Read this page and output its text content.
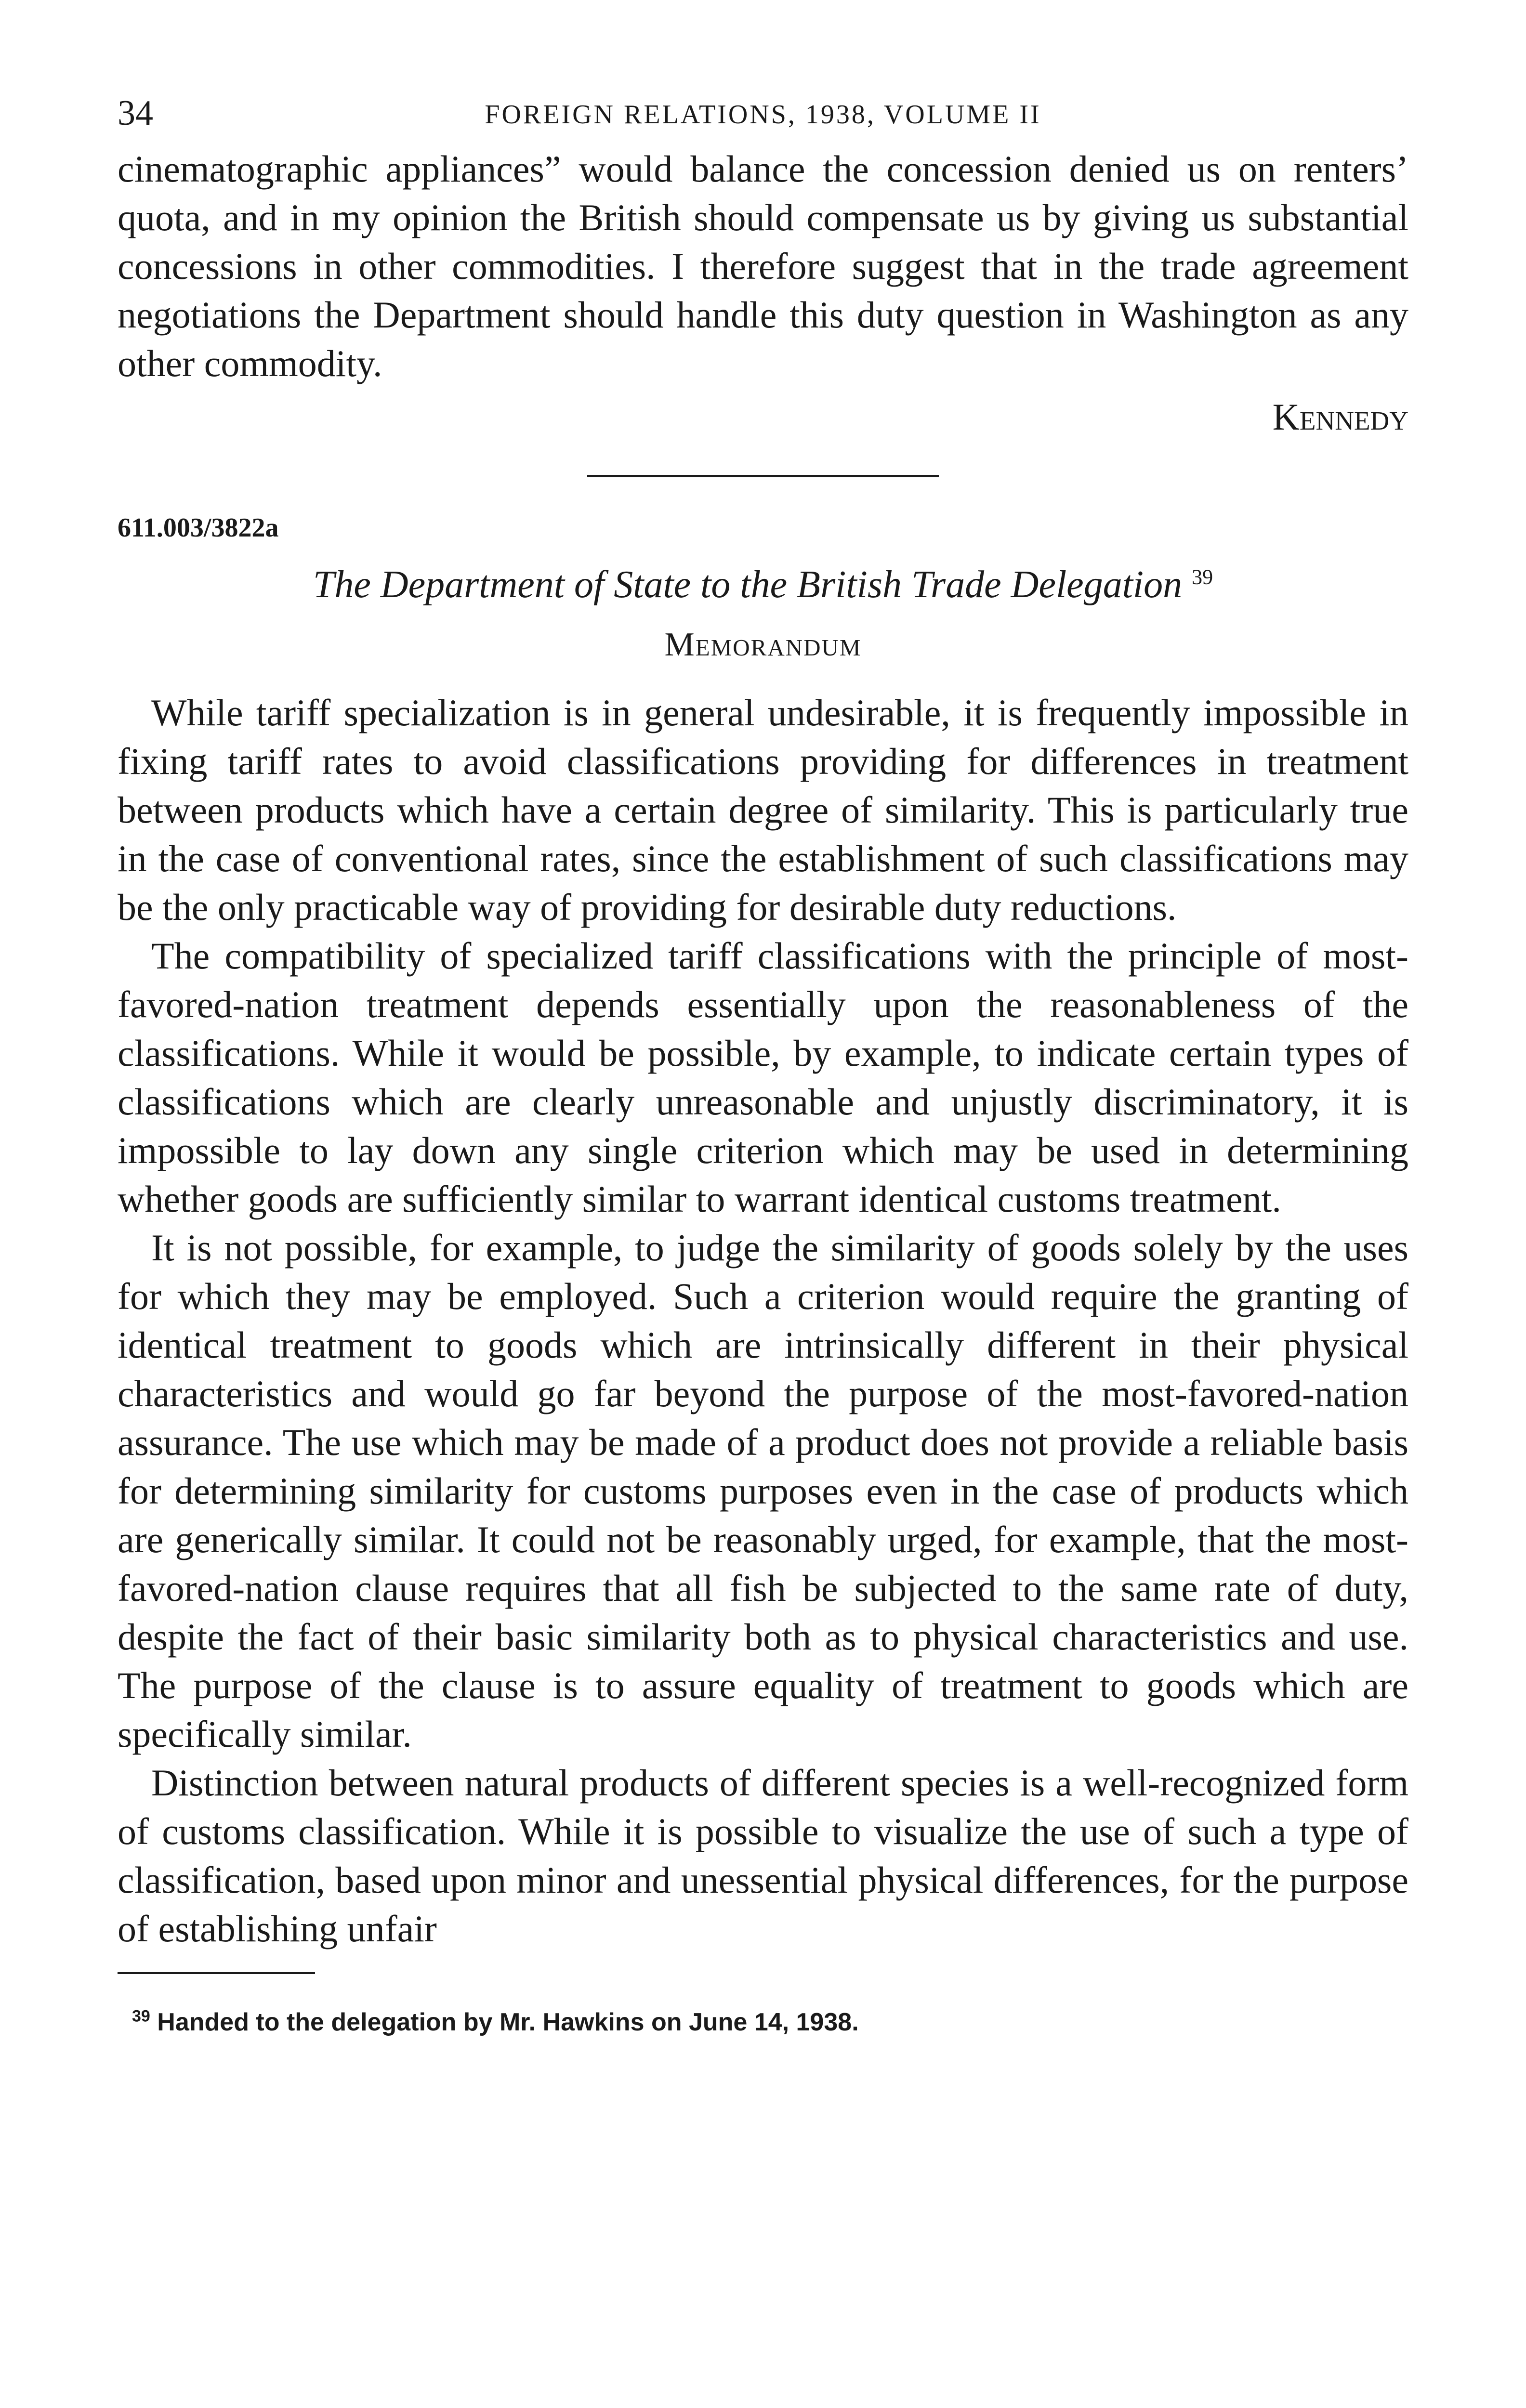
34	FOREIGN RELATIONS, 1938, VOLUME II

cinematographic appliances” would balance the concession denied us on renters’ quota, and in my opinion the British should compensate us by giving us substantial concessions in other commodities. I therefore suggest that in the trade agreement negotiations the Department should handle this duty question in Washington as any other commodity.

Kennedy

611.003/3822a

The Department of State to the British Trade Delegation $^{39}$
Memorandum

While tariff specialization is in general undesirable, it is frequently impossible in fixing tariff rates to avoid classifications providing for differences in treatment between products which have a certain degree of similarity. This is particularly true in the case of conventional rates, since the establishment of such classifications may be the only practicable way of providing for desirable duty reductions.

The compatibility of specialized tariff classifications with the principle of most-favored-nation treatment depends essentially upon the reasonableness of the classifications. While it would be possible, by example, to indicate certain types of classifications which are clearly unreasonable and unjustly discriminatory, it is impossible to lay down any single criterion which may be used in determining whether goods are sufficiently similar to warrant identical customs treatment.

It is not possible, for example, to judge the similarity of goods solely by the uses for which they may be employed. Such a criterion would require the granting of identical treatment to goods which are intrinsically different in their physical characteristics and would go far beyond the purpose of the most-favored-nation assurance. The use which may be made of a product does not provide a reliable basis for determining similarity for customs purposes even in the case of products which are generically similar. It could not be reasonably urged, for example, that the most-favored-nation clause requires that all fish be subjected to the same rate of duty, despite the fact of their basic similarity both as to physical characteristics and use. The purpose of the clause is to assure equality of treatment to goods which are specifically similar.

Distinction between natural products of different species is a well-recognized form of customs classification. While it is possible to visualize the use of such a type of classification, based upon minor and unessential physical differences, for the purpose of establishing unfair

$^{39}$ Handed to the delegation by Mr. Hawkins on June 14, 1938.
